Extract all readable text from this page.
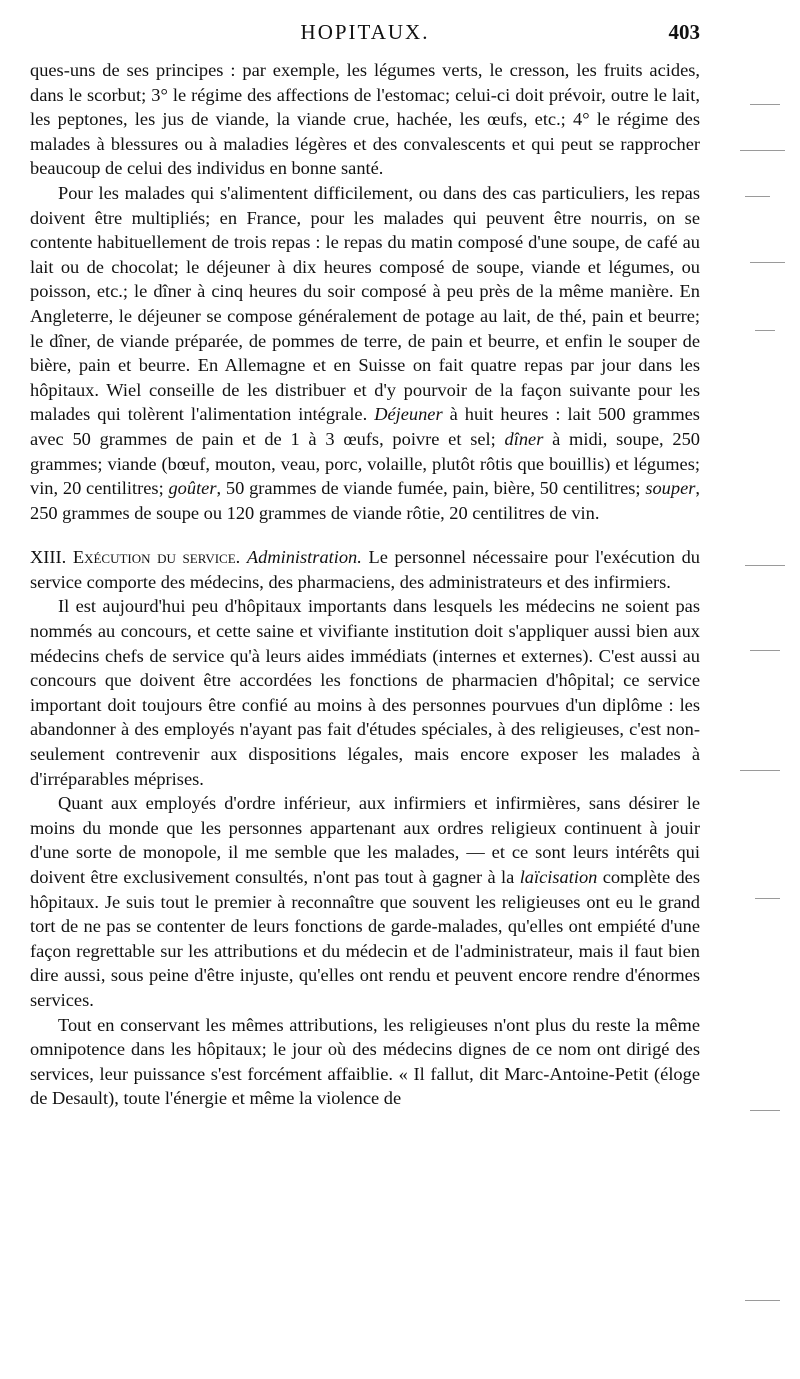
HOPITAUX.	403

ques-uns de ses principes : par exemple, les légumes verts, le cresson, les fruits acides, dans le scorbut; 3° le régime des affections de l'estomac; celui-ci doit prévoir, outre le lait, les peptones, les jus de viande, la viande crue, hachée, les œufs, etc.; 4° le régime des malades à blessures ou à maladies légères et des convalescents et qui peut se rapprocher beaucoup de celui des individus en bonne santé.

Pour les malades qui s'alimentent difficilement, ou dans des cas particuliers, les repas doivent être multipliés; en France, pour les malades qui peuvent être nourris, on se contente habituellement de trois repas : le repas du matin composé d'une soupe, de café au lait ou de chocolat; le déjeuner à dix heures composé de soupe, viande et légumes, ou poisson, etc.; le dîner à cinq heures du soir composé à peu près de la même manière. En Angleterre, le déjeuner se compose généralement de potage au lait, de thé, pain et beurre; le dîner, de viande préparée, de pommes de terre, de pain et beurre, et enfin le souper de bière, pain et beurre. En Allemagne et en Suisse on fait quatre repas par jour dans les hôpitaux. Wiel conseille de les distribuer et d'y pourvoir de la façon suivante pour les malades qui tolèrent l'alimentation intégrale. Déjeuner à huit heures : lait 500 grammes avec 50 grammes de pain et de 1 à 3 œufs, poivre et sel; dîner à midi, soupe, 250 grammes; viande (bœuf, mouton, veau, porc, volaille, plutôt rôtis que bouillis) et légumes; vin, 20 centilitres; goûter, 50 grammes de viande fumée, pain, bière, 50 centilitres; souper, 250 grammes de soupe ou 120 grammes de viande rôtie, 20 centilitres de vin.

XIII. Exécution du service. Administration. Le personnel nécessaire pour l'exécution du service comporte des médecins, des pharmaciens, des administrateurs et des infirmiers.

Il est aujourd'hui peu d'hôpitaux importants dans lesquels les médecins ne soient pas nommés au concours, et cette saine et vivifiante institution doit s'appliquer aussi bien aux médecins chefs de service qu'à leurs aides immédiats (internes et externes). C'est aussi au concours que doivent être accordées les fonctions de pharmacien d'hôpital; ce service important doit toujours être confié au moins à des personnes pourvues d'un diplôme : les abandonner à des employés n'ayant pas fait d'études spéciales, à des religieuses, c'est non-seulement contrevenir aux dispositions légales, mais encore exposer les malades à d'irréparables méprises.

Quant aux employés d'ordre inférieur, aux infirmiers et infirmières, sans désirer le moins du monde que les personnes appartenant aux ordres religieux continuent à jouir d'une sorte de monopole, il me semble que les malades, — et ce sont leurs intérêts qui doivent être exclusivement consultés, n'ont pas tout à gagner à la laïcisation complète des hôpitaux. Je suis tout le premier à reconnaître que souvent les religieuses ont eu le grand tort de ne pas se contenter de leurs fonctions de garde-malades, qu'elles ont empiété d'une façon regrettable sur les attributions et du médecin et de l'administrateur, mais il faut bien dire aussi, sous peine d'être injuste, qu'elles ont rendu et peuvent encore rendre d'énormes services.

Tout en conservant les mêmes attributions, les religieuses n'ont plus du reste la même omnipotence dans les hôpitaux; le jour où des médecins dignes de ce nom ont dirigé des services, leur puissance s'est forcément affaiblie. « Il fallut, dit Marc-Antoine-Petit (éloge de Desault), toute l'énergie et même la violence de
